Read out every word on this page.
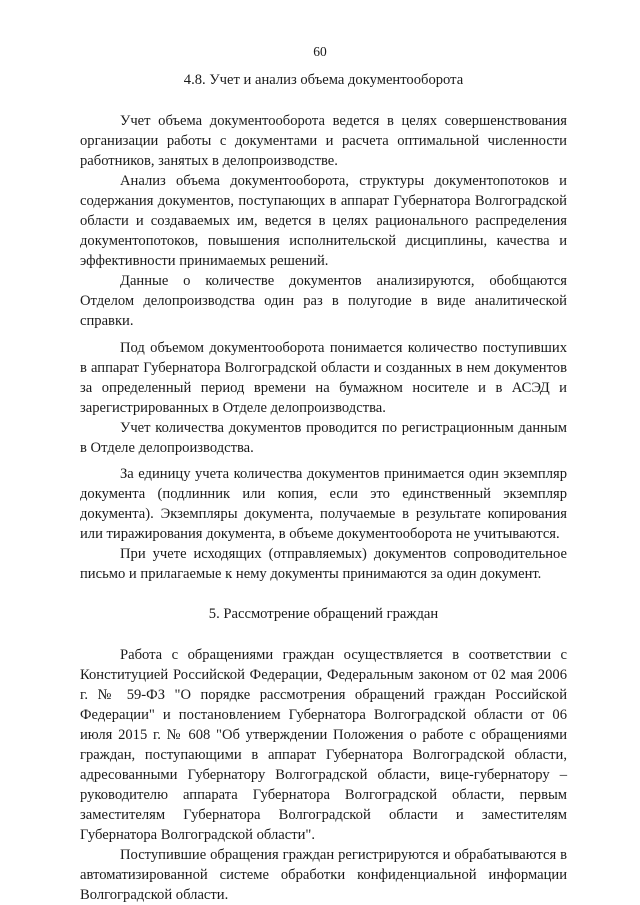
60
4.8. Учет и анализ объема документооборота

Учет объема документооборота ведется в целях совершенствования организации работы с документами и расчета оптимальной численности работников, занятых в делопроизводстве.

Анализ объема документооборота, структуры документопотоков и содержания документов, поступающих в аппарат Губернатора Волгоградской области и создаваемых им, ведется в целях рационального распределения документопотоков, повышения исполнительской дисциплины, качества и эффективности принимаемых решений.

Данные о количестве документов анализируются, обобщаются Отделом делопроизводства один раз в полугодие в виде аналитической справки.

Под объемом документооборота понимается количество поступивших в аппарат Губернатора Волгоградской области и созданных в нем документов за определенный период времени на бумажном носителе и в АСЭД и зарегистрированных в Отделе делопроизводства.

Учет количества документов проводится по регистрационным данным в Отделе делопроизводства.

За единицу учета количества документов принимается один экземпляр документа (подлинник или копия, если это единственный экземпляр документа). Экземпляры документа, получаемые в результате копирования или тиражирования документа, в объеме документооборота не учитываются.

При учете исходящих (отправляемых) документов сопроводительное письмо и прилагаемые к нему документы принимаются за один документ.

5. Рассмотрение обращений граждан

Работа с обращениями граждан осуществляется в соответствии с Конституцией Российской Федерации, Федеральным законом от 02 мая 2006 г. № 59-ФЗ "О порядке рассмотрения обращений граждан Российской Федерации" и постановлением Губернатора Волгоградской области от 06 июля 2015 г. № 608 "Об утверждении Положения о работе с обращениями граждан, поступающими в аппарат Губернатора Волгоградской области, адресованными Губернатору Волгоградской области, вице-губернатору – руководителю аппарата Губернатора Волгоградской области, первым заместителям Губернатора Волгоградской области и заместителям Губернатора Волгоградской области".

Поступившие обращения граждан регистрируются и обрабатываются в автоматизированной системе обработки конфиденциальной информации Волгоградской области.
